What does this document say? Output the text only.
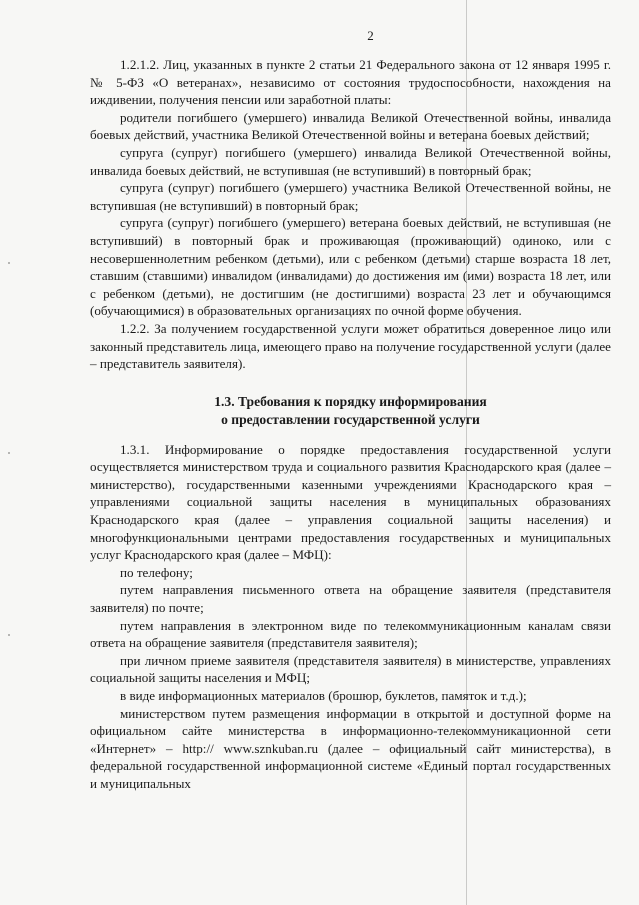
2

1.2.1.2. Лиц, указанных в пункте 2 статьи 21 Федерального закона от 12 января 1995 г. № 5-ФЗ «О ветеранах», независимо от состояния трудоспособности, нахождения на иждивении, получения пенсии или заработной платы:

родители погибшего (умершего) инвалида Великой Отечественной войны, инвалида боевых действий, участника Великой Отечественной войны и ветерана боевых действий;

супруга (супруг) погибшего (умершего) инвалида Великой Отечественной войны, инвалида боевых действий, не вступившая (не вступивший) в повторный брак;

супруга (супруг) погибшего (умершего) участника Великой Отечественной войны, не вступившая (не вступивший) в повторный брак;

супруга (супруг) погибшего (умершего) ветерана боевых действий, не вступившая (не вступивший) в повторный брак и проживающая (проживающий) одиноко, или с несовершеннолетним ребенком (детьми), или с ребенком (детьми) старше возраста 18 лет, ставшим (ставшими) инвалидом (инвалидами) до достижения им (ими) возраста 18 лет, или с ребенком (детьми), не достигшим (не достигшими) возраста 23 лет и обучающимся (обучающимися) в образовательных организациях по очной форме обучения.

1.2.2. За получением государственной услуги может обратиться доверенное лицо или законный представитель лица, имеющего право на получение государственной услуги (далее – представитель заявителя).

1.3. Требования к порядку информирования
о предоставлении государственной услуги

1.3.1. Информирование о порядке предоставления государственной услуги осуществляется министерством труда и социального развития Краснодарского края (далее – министерство), государственными казенными учреждениями Краснодарского края – управлениями социальной защиты населения в муниципальных образованиях Краснодарского края (далее – управления социальной защиты населения) и многофункциональными центрами предоставления государственных и муниципальных услуг Краснодарского края (далее – МФЦ):

по телефону;

путем направления письменного ответа на обращение заявителя (представителя заявителя) по почте;

путем направления в электронном виде по телекоммуникационным каналам связи ответа на обращение заявителя (представителя заявителя);

при личном приеме заявителя (представителя заявителя) в министерстве, управлениях социальной защиты населения и МФЦ;

в виде информационных материалов (брошюр, буклетов, памяток и т.д.);

министерством путем размещения информации в открытой и доступной форме на официальном сайте министерства в информационно-телекоммуникационной сети «Интернет» – http:// www.sznkuban.ru (далее – официальный сайт министерства), в федеральной государственной информационной системе «Единый портал государственных и муниципальных
